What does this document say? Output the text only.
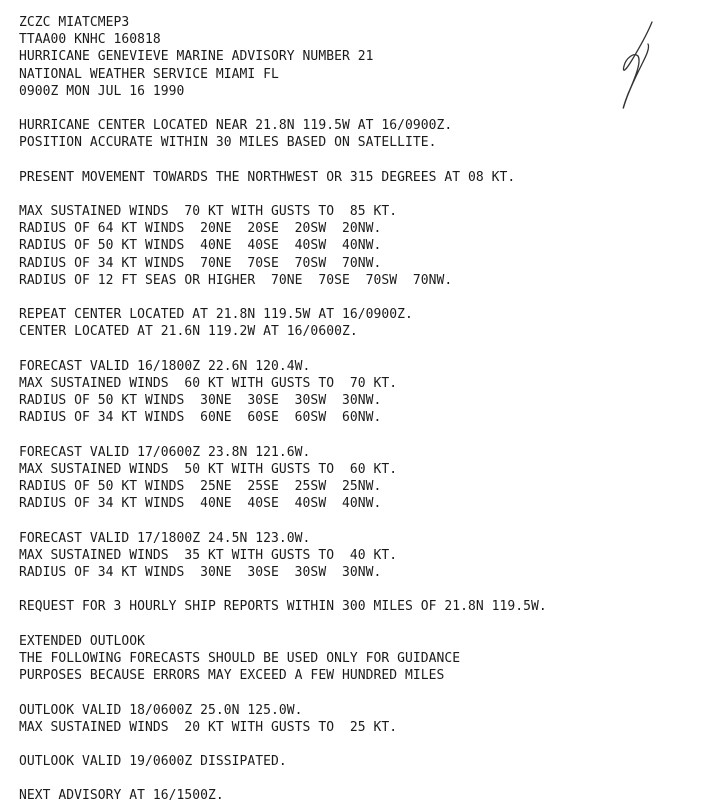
ZCZC MIATCMEP3
TTAA00 KNHC 160818
HURRICANE GENEVIEVE MARINE ADVISORY NUMBER 21
NATIONAL WEATHER SERVICE MIAMI FL
0900Z MON JUL 16 1990
HURRICANE CENTER LOCATED NEAR 21.8N 119.5W AT 16/0900Z.
POSITION ACCURATE WITHIN 30 MILES BASED ON SATELLITE.
PRESENT MOVEMENT TOWARDS THE NORTHWEST OR 315 DEGREES AT 08 KT.
MAX SUSTAINED WINDS  70 KT WITH GUSTS TO  85 KT.
RADIUS OF 64 KT WINDS  20NE  20SE  20SW  20NW.
RADIUS OF 50 KT WINDS  40NE  40SE  40SW  40NW.
RADIUS OF 34 KT WINDS  70NE  70SE  70SW  70NW.
RADIUS OF 12 FT SEAS OR HIGHER  70NE  70SE  70SW  70NW.
REPEAT CENTER LOCATED AT 21.8N 119.5W AT 16/0900Z.
CENTER LOCATED AT 21.6N 119.2W AT 16/0600Z.
FORECAST VALID 16/1800Z 22.6N 120.4W.
MAX SUSTAINED WINDS  60 KT WITH GUSTS TO  70 KT.
RADIUS OF 50 KT WINDS  30NE  30SE  30SW  30NW.
RADIUS OF 34 KT WINDS  60NE  60SE  60SW  60NW.
FORECAST VALID 17/0600Z 23.8N 121.6W.
MAX SUSTAINED WINDS  50 KT WITH GUSTS TO  60 KT.
RADIUS OF 50 KT WINDS  25NE  25SE  25SW  25NW.
RADIUS OF 34 KT WINDS  40NE  40SE  40SW  40NW.
FORECAST VALID 17/1800Z 24.5N 123.0W.
MAX SUSTAINED WINDS  35 KT WITH GUSTS TO  40 KT.
RADIUS OF 34 KT WINDS  30NE  30SE  30SW  30NW.
REQUEST FOR 3 HOURLY SHIP REPORTS WITHIN 300 MILES OF 21.8N 119.5W.
EXTENDED OUTLOOK
THE FOLLOWING FORECASTS SHOULD BE USED ONLY FOR GUIDANCE
PURPOSES BECAUSE ERRORS MAY EXCEED A FEW HUNDRED MILES
OUTLOOK VALID 18/0600Z 25.0N 125.0W.
MAX SUSTAINED WINDS  20 KT WITH GUSTS TO  25 KT.
OUTLOOK VALID 19/0600Z DISSIPATED.
NEXT ADVISORY AT 16/1500Z.
